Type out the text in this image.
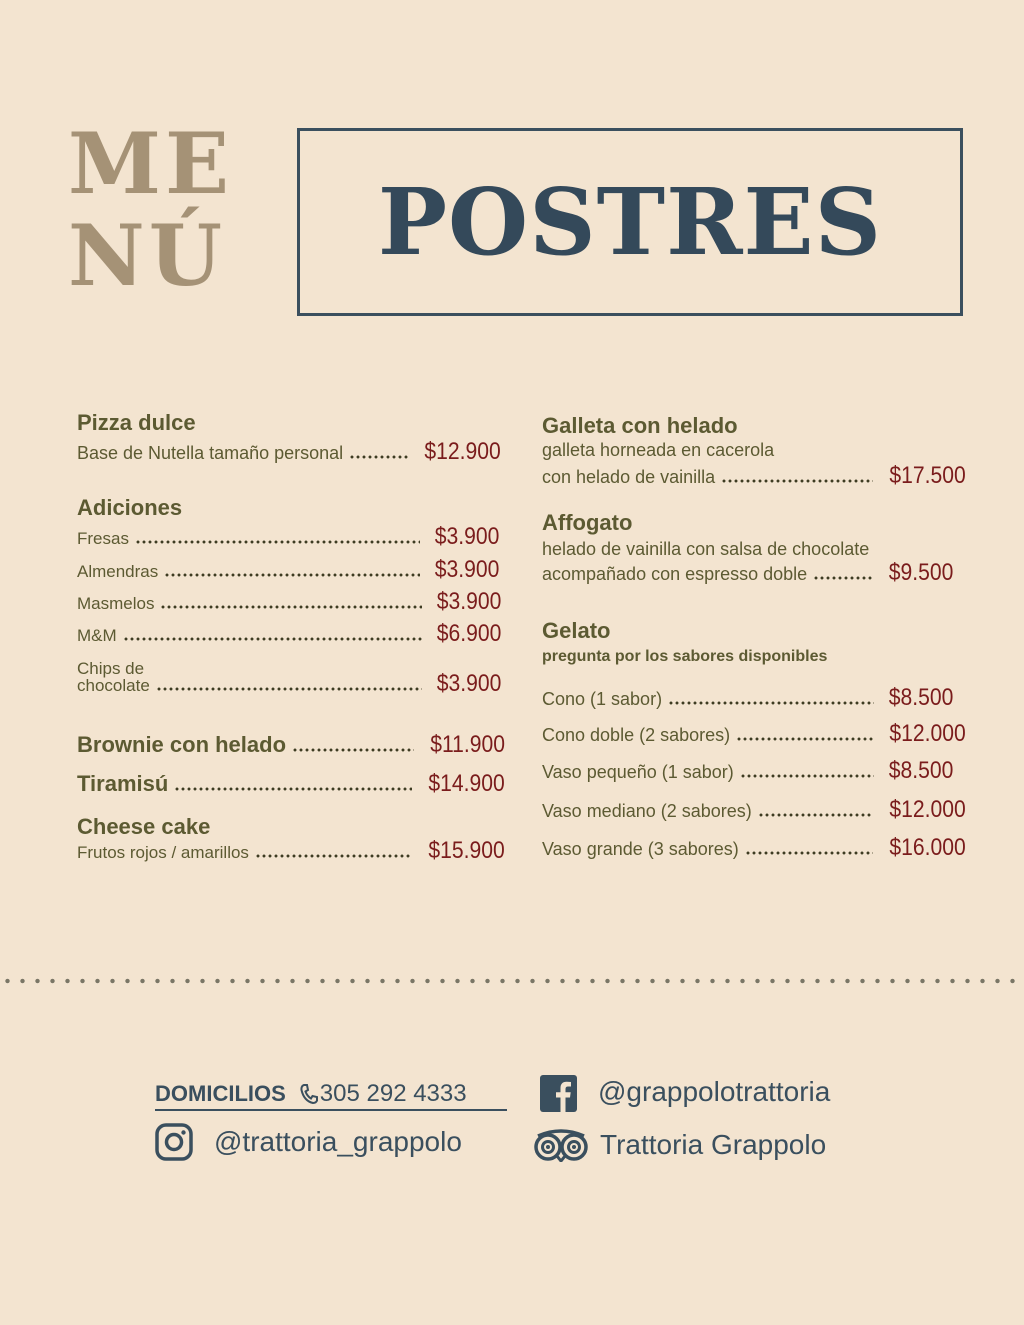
ME
NÚ POSTRES
Pizza dulce
Base de Nutella tamaño personal	$12.900
Adiciones
Fresas	$3.900
Almendras	$3.900
Masmelos	$3.900
M&M	$6.900
Chips de
chocolate	$3.900
Brownie con helado	$11.900
Tiramisú	$14.900
Cheese cake
Frutos rojos / amarillos	$15.900
Galleta con helado
galleta horneada en cacerola
con helado de vainilla	$17.500
Affogato
helado de vainilla con salsa de chocolate
acompañado con espresso doble	$9.500
Gelato
pregunta por los sabores disponibles
Cono (1 sabor)	$8.500
Cono doble (2 sabores)	$12.000
Vaso pequeño (1 sabor)	$8.500
Vaso mediano (2 sabores)	$12.000
Vaso grande (3 sabores)	$16.000
DOMICILIOS 305 292 4333	@grappolotrattoria
@trattoria_grappolo	Trattoria Grappolo
